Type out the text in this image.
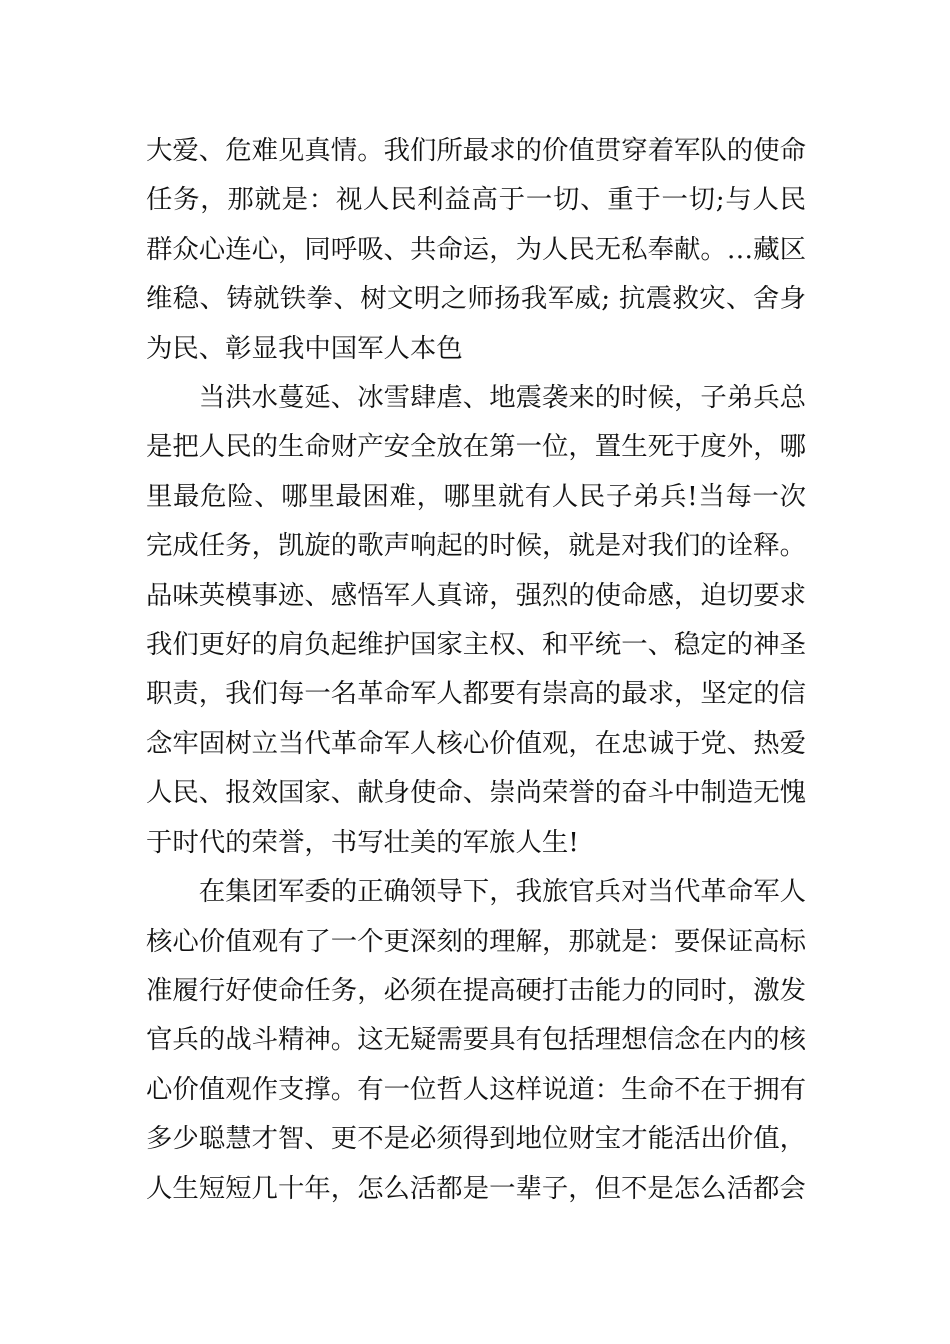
大爱、危难见真情。我们所最求的价值贯穿着军队的使命任务，那就是：视人民利益高于一切、重于一切;与人民群众心连心，同呼吸、共命运，为人民无私奉献。…藏区维稳、铸就铁拳、树文明之师扬我军威; 抗震救灾、舍身为民、彰显我中国军人本色

当洪水蔓延、冰雪肆虐、地震袭来的时候，子弟兵总是把人民的生命财产安全放在第一位，置生死于度外，哪里最危险、哪里最困难，哪里就有人民子弟兵!当每一次完成任务，凯旋的歌声响起的时候，就是对我们的诠释。品味英模事迹、感悟军人真谛，强烈的使命感，迫切要求我们更好的肩负起维护国家主权、和平统一、稳定的神圣职责，我们每一名革命军人都要有崇高的最求，坚定的信念牢固树立当代革命军人核心价值观，在忠诚于党、热爱人民、报效国家、献身使命、崇尚荣誉的奋斗中制造无愧于时代的荣誉，书写壮美的军旅人生!

在集团军委的正确领导下，我旅官兵对当代革命军人核心价值观有了一个更深刻的理解，那就是：要保证高标准履行好使命任务，必须在提高硬打击能力的同时，激发官兵的战斗精神。这无疑需要具有包括理想信念在内的核心价值观作支撑。有一位哲人这样说道：生命不在于拥有多少聪慧才智、更不是必须得到地位财宝才能活出价值，人生短短几十年，怎么活都是一辈子，但不是怎么活都会
